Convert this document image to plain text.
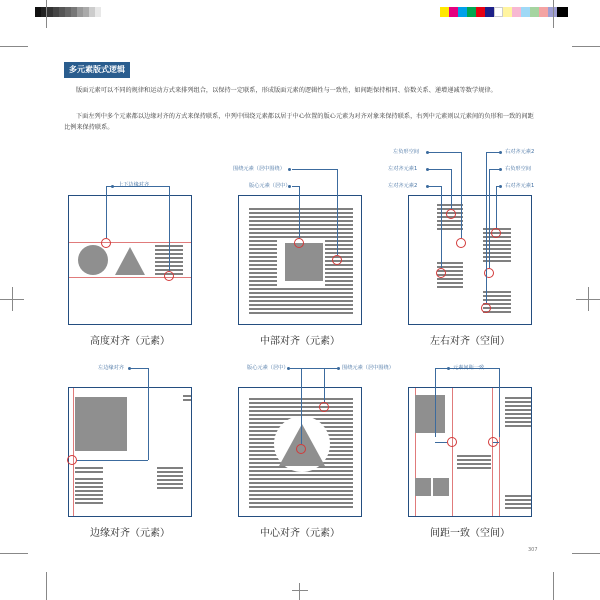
多元素版式逻辑
版面元素可以不同的规律和运动方式来排列组合，以保持一定联系，形成版面元素的逻辑性与一致性，如间距保持相同、倍数关系、递增递减等数学规律。
下面左列中多个元素都以边缘对齐的方式来保持联系，中列中围绕元素都以居于中心位置的版心元素为对齐对象来保持联系，右列中元素则以元素间的负形和一致的间距比例来保持联系。
上下边缘对齐
高度对齐（元素）
围绕元素（居中围绕）
版心元素（居中）
中部对齐（元素）
左负形空间
左对齐元素1
左对齐元素2
右对齐元素2
右负形空间
右对齐元素1
左右对齐（空间）
左边缘对齐
边缘对齐（元素）
版心元素（居中）	围绕元素（居中围绕）
中心对齐（元素）
元素间距一致
间距一致（空间）
307
